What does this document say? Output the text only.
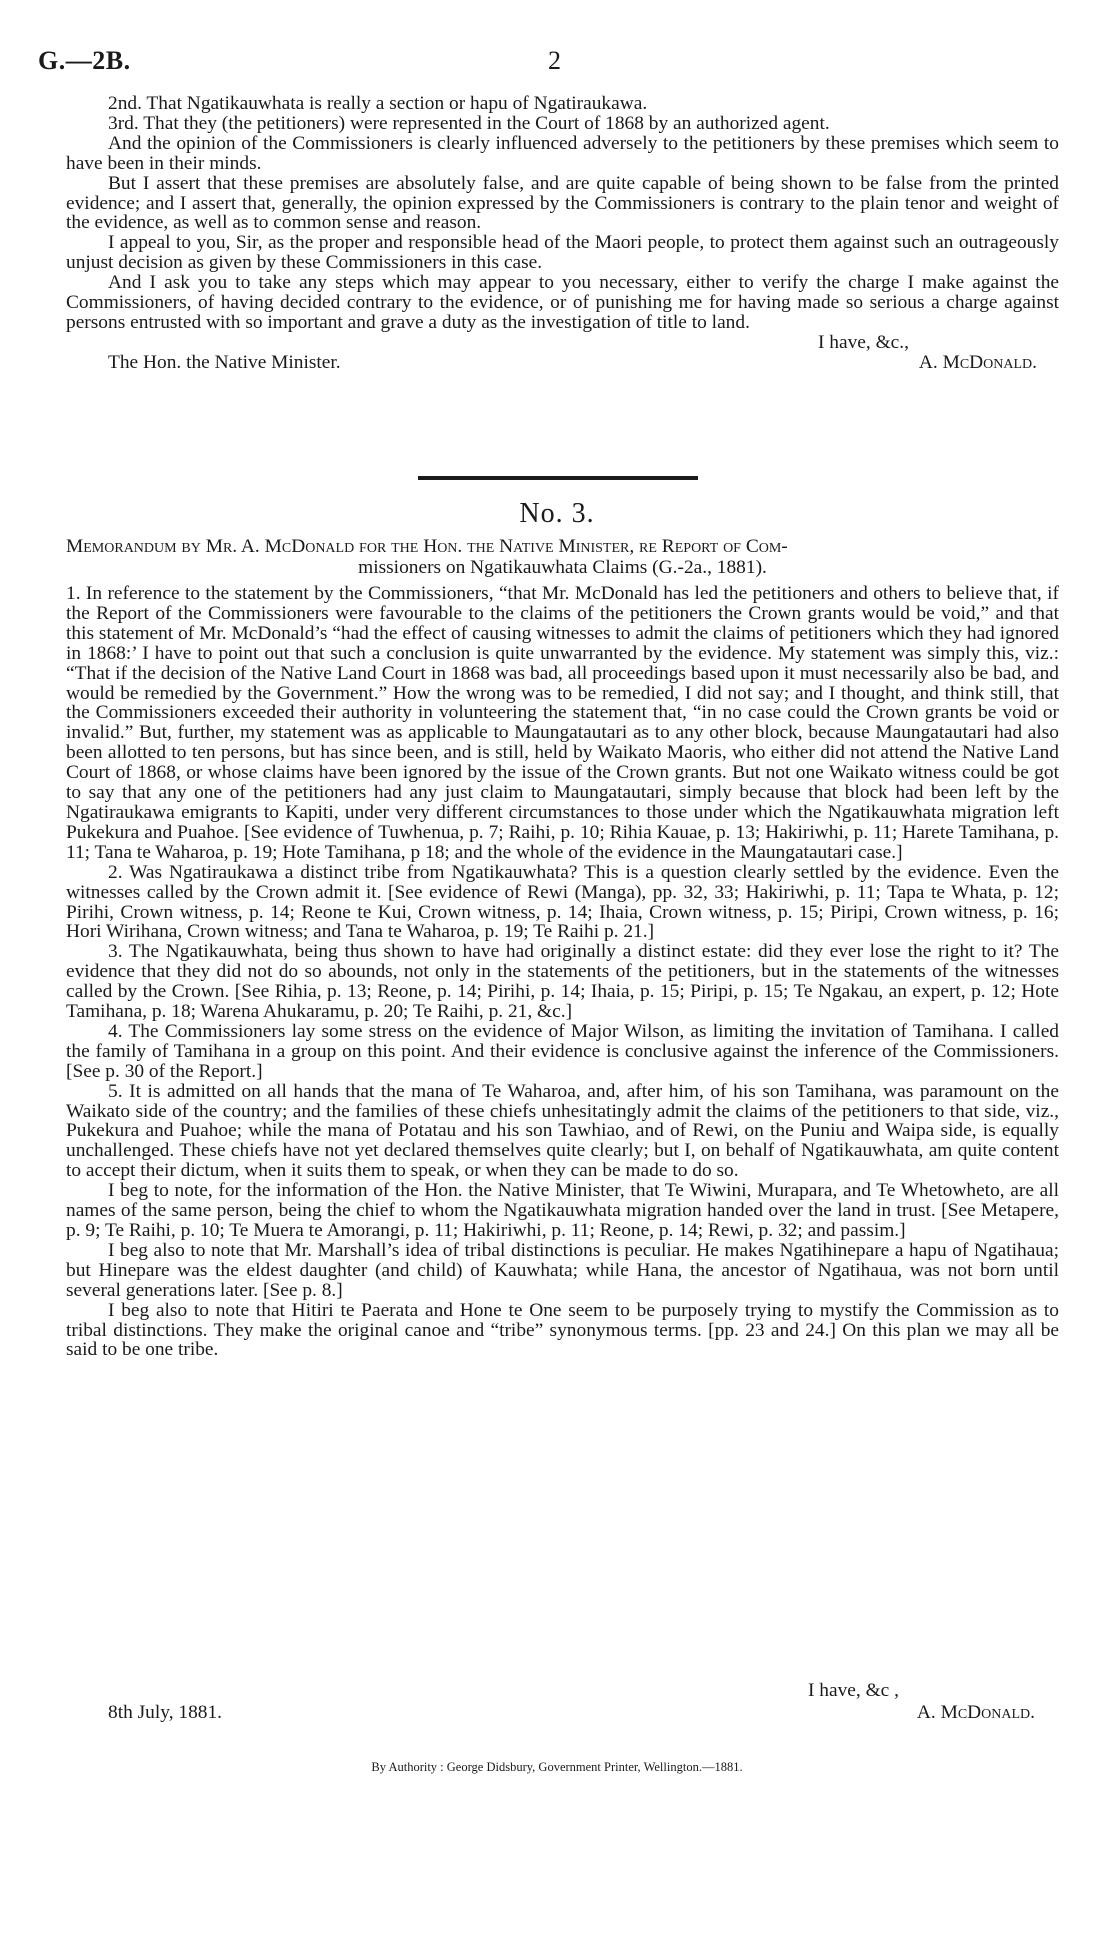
G.—2B.	2

2nd. That Ngatikauwhata is really a section or hapu of Ngatiraukawa.

3rd. That they (the petitioners) were represented in the Court of 1868 by an authorized agent.

And the opinion of the Commissioners is clearly influenced adversely to the petitioners by these premises which seem to have been in their minds.

But I assert that these premises are absolutely false, and are quite capable of being shown to be false from the printed evidence; and I assert that, generally, the opinion expressed by the Commissioners is contrary to the plain tenor and weight of the evidence, as well as to common sense and reason.

I appeal to you, Sir, as the proper and responsible head of the Maori people, to protect them against such an outrageously unjust decision as given by these Commissioners in this case.

And I ask you to take any steps which may appear to you necessary, either to verify the charge I make against the Commissioners, of having decided contrary to the evidence, or of punishing me for having made so serious a charge against persons entrusted with so important and grave a duty as the investigation of title to land.

I have, &c.,
The Hon. the Native Minister.	A. McDonald.
No. 3.
Memorandum by Mr. A. McDonald for the Hon. the Native Minister, re Report of Com-
missioners on Ngatikauwhata Claims (G.-2a., 1881).

1. In reference to the statement by the Commissioners, “that Mr. McDonald has led the petitioners and others to believe that, if the Report of the Commissioners were favourable to the claims of the petitioners the Crown grants would be void,” and that this statement of Mr. McDonald’s “had the effect of causing witnesses to admit the claims of petitioners which they had ignored in 1868:’ I have to point out that such a conclusion is quite unwarranted by the evidence. My statement was simply this, viz.: “That if the decision of the Native Land Court in 1868 was bad, all proceedings based upon it must necessarily also be bad, and would be remedied by the Government.” How the wrong was to be remedied, I did not say; and I thought, and think still, that the Commissioners exceeded their authority in volunteering the statement that, “in no case could the Crown grants be void or invalid.” But, further, my statement was as applicable to Maungatautari as to any other block, because Maungatautari had also been allotted to ten persons, but has since been, and is still, held by Waikato Maoris, who either did not attend the Native Land Court of 1868, or whose claims have been ignored by the issue of the Crown grants. But not one Waikato witness could be got to say that any one of the petitioners had any just claim to Maungatautari, simply because that block had been left by the Ngatiraukawa emigrants to Kapiti, under very different circumstances to those under which the Ngatikauwhata migration left Pukekura and Puahoe. [See evidence of Tuwhenua, p. 7; Raihi, p. 10; Rihia Kauae, p. 13; Hakiriwhi, p. 11; Harete Tamihana, p. 11; Tana te Waharoa, p. 19; Hote Tamihana, p 18; and the whole of the evidence in the Maungatautari case.]

2. Was Ngatiraukawa a distinct tribe from Ngatikauwhata? This is a question clearly settled by the evidence. Even the witnesses called by the Crown admit it. [See evidence of Rewi (Manga), pp. 32, 33; Hakiriwhi, p. 11; Tapa te Whata, p. 12; Pirihi, Crown witness, p. 14; Reone te Kui, Crown witness, p. 14; Ihaia, Crown witness, p. 15; Piripi, Crown witness, p. 16; Hori Wirihana, Crown witness; and Tana te Waharoa, p. 19; Te Raihi p. 21.]

3. The Ngatikauwhata, being thus shown to have had originally a distinct estate: did they ever lose the right to it? The evidence that they did not do so abounds, not only in the statements of the petitioners, but in the statements of the witnesses called by the Crown. [See Rihia, p. 13; Reone, p. 14; Pirihi, p. 14; Ihaia, p. 15; Piripi, p. 15; Te Ngakau, an expert, p. 12; Hote Tamihana, p. 18; Warena Ahukaramu, p. 20; Te Raihi, p. 21, &c.]

4. The Commissioners lay some stress on the evidence of Major Wilson, as limiting the invitation of Tamihana. I called the family of Tamihana in a group on this point. And their evidence is conclusive against the inference of the Commissioners. [See p. 30 of the Report.]

5. It is admitted on all hands that the mana of Te Waharoa, and, after him, of his son Tamihana, was paramount on the Waikato side of the country; and the families of these chiefs unhesitatingly admit the claims of the petitioners to that side, viz., Pukekura and Puahoe; while the mana of Potatau and his son Tawhiao, and of Rewi, on the Puniu and Waipa side, is equally unchallenged. These chiefs have not yet declared themselves quite clearly; but I, on behalf of Ngatikauwhata, am quite content to accept their dictum, when it suits them to speak, or when they can be made to do so.

I beg to note, for the information of the Hon. the Native Minister, that Te Wiwini, Murapara, and Te Whetowheto, are all names of the same person, being the chief to whom the Ngatikauwhata migration handed over the land in trust. [See Metapere, p. 9; Te Raihi, p. 10; Te Muera te Amorangi, p. 11; Hakiriwhi, p. 11; Reone, p. 14; Rewi, p. 32; and passim.]

I beg also to note that Mr. Marshall’s idea of tribal distinctions is peculiar. He makes Ngatihinepare a hapu of Ngatihaua; but Hinepare was the eldest daughter (and child) of Kauwhata; while Hana, the ancestor of Ngatihaua, was not born until several generations later. [See p. 8.]

I beg also to note that Hitiri te Paerata and Hone te One seem to be purposely trying to mystify the Commission as to tribal distinctions. They make the original canoe and “tribe” synonymous terms. [pp. 23 and 24.] On this plan we may all be said to be one tribe.

I have, &c ,
8th July, 1881.	A. McDonald.
By Authority : George Didsbury, Government Printer, Wellington.—1881.
